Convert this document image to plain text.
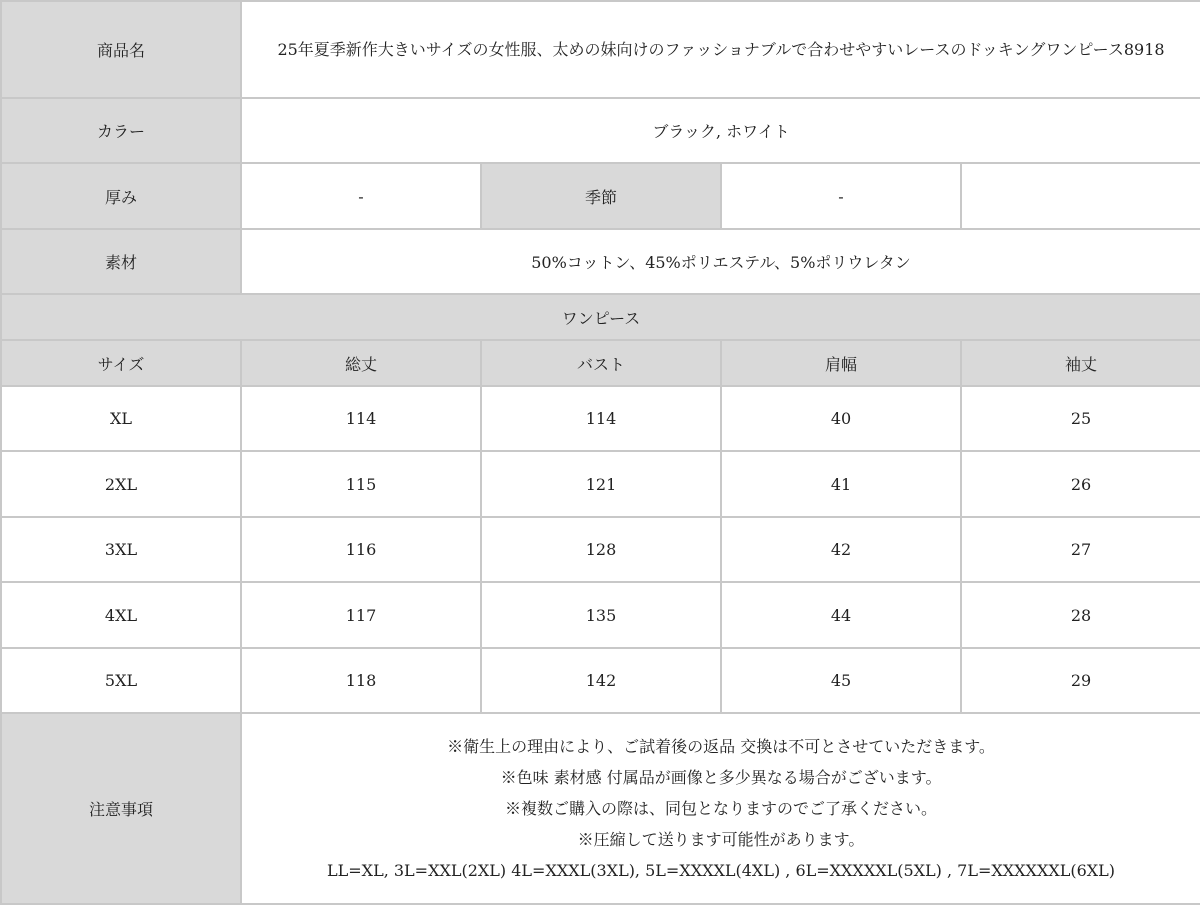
商品名	25年夏季新作大きいサイズの女性服、太めの妹向けのファッショナブルで合わせやすいレースのドッキングワンピース8918			
カラー	ブラック, ホワイト			
厚み	-	季節	-	
素材	50%コットン、45%ポリエステル、5%ポリウレタン			
ワンピース				
サイズ	総丈	バスト	肩幅	袖丈
XL	114	114	40	25
2XL	115	121	41	26
3XL	116	128	42	27
4XL	117	135	44	28
5XL	118	142	45	29
注意事項	※衛生上の理由により、ご試着後の返品 交換は不可とさせていただきます。
※色味 素材感 付属品が画像と多少異なる場合がございます。
※複数ご購入の際は、同包となりますのでご了承ください。
※圧縮して送ります可能性があります。
LL=XL, 3L=XXL(2XL) 4L=XXXL(3XL), 5L=XXXXL(4XL) , 6L=XXXXXL(5XL) , 7L=XXXXXXL(6XL)			
